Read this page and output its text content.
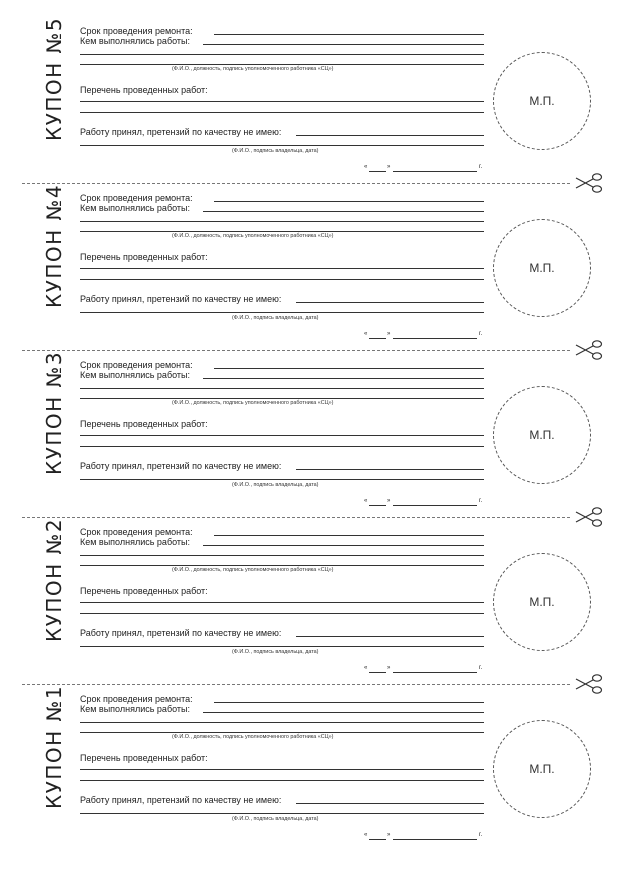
КУПОН №5 Срок проведения ремонта:
Кем выполнялись работы:
(Ф.И.О., должность, подпись уполномоченного работника «СЦ»)
Перечень проведенных работ:
Работу принял, претензий по качеству не имею:
(Ф.И.О., подпись владельца, дата)
М.П.
«	»	г.
КУПОН №4 Срок проведения ремонта:
Кем выполнялись работы:
(Ф.И.О., должность, подпись уполномоченного работника «СЦ»)
Перечень проведенных работ:
Работу принял, претензий по качеству не имею:
(Ф.И.О., подпись владельца, дата)
М.П.
«	»	г.
КУПОН №3 Срок проведения ремонта:
Кем выполнялись работы:
(Ф.И.О., должность, подпись уполномоченного работника «СЦ»)
Перечень проведенных работ:
Работу принял, претензий по качеству не имею:
(Ф.И.О., подпись владельца, дата)
М.П.
«	»	г.
КУПОН №2 Срок проведения ремонта:
Кем выполнялись работы:
(Ф.И.О., должность, подпись уполномоченного работника «СЦ»)
Перечень проведенных работ:
Работу принял, претензий по качеству не имею:
(Ф.И.О., подпись владельца, дата)
М.П.
«	»	г.
КУПОН №1 Срок проведения ремонта:
Кем выполнялись работы:
(Ф.И.О., должность, подпись уполномоченного работника «СЦ»)
Перечень проведенных работ:
Работу принял, претензий по качеству не имею:
(Ф.И.О., подпись владельца, дата)
М.П.
«	»	г.
